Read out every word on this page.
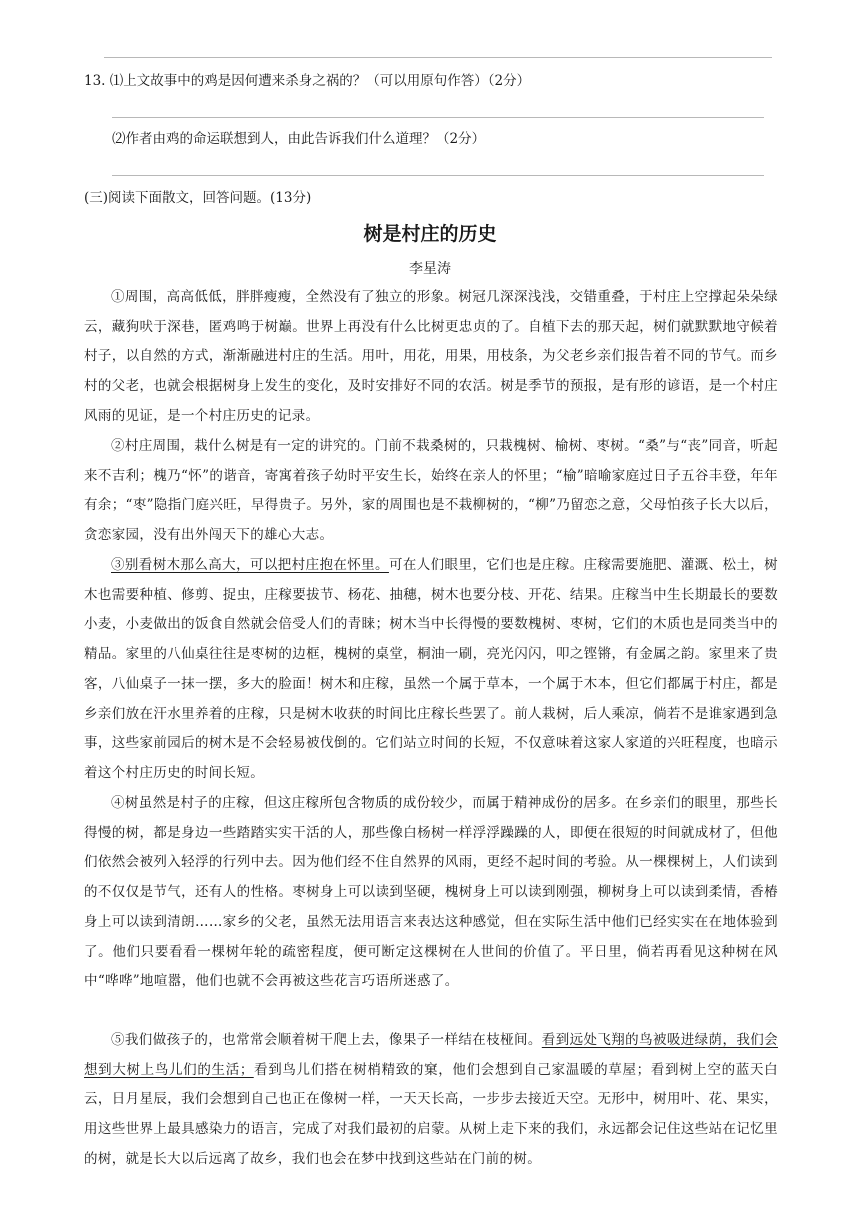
13. ⑴上文故事中的鸡是因何遭来杀身之祸的？（可以用原句作答）（2分）
⑵作者由鸡的命运联想到人，由此告诉我们什么道理？（2分）
(三)阅读下面散文，回答问题。(13分)
树是村庄的历史
李星涛

①周围，高高低低，胖胖瘦瘦，全然没有了独立的形象。树冠几深深浅浅，交错重叠，于村庄上空撑起朵朵绿云，藏狗吠于深巷，匿鸡鸣于树巅。世界上再没有什么比树更忠贞的了。自植下去的那天起，树们就默默地守候着村子，以自然的方式，渐渐融进村庄的生活。用叶，用花，用果，用枝条，为父老乡亲们报告着不同的节气。而乡村的父老，也就会根据树身上发生的变化，及时安排好不同的农活。树是季节的预报，是有形的谚语，是一个村庄风雨的见证，是一个村庄历史的记录。

②村庄周围，栽什么树是有一定的讲究的。门前不栽桑树的，只栽槐树、榆树、枣树。“桑”与“丧”同音，听起来不吉利；槐乃“怀”的谐音，寄寓着孩子幼时平安生长，始终在亲人的怀里；“榆”暗喻家庭过日子五谷丰登，年年有余；“枣”隐指门庭兴旺，早得贵子。另外，家的周围也是不栽柳树的，“柳”乃留恋之意，父母怕孩子长大以后，贪恋家园，没有出外闯天下的雄心大志。

③别看树木那么高大，可以把村庄抱在怀里。可在人们眼里，它们也是庄稼。庄稼需要施肥、灌溉、松土，树木也需要种植、修剪、捉虫，庄稼要拔节、杨花、抽穗，树木也要分枝、开花、结果。庄稼当中生长期最长的要数小麦，小麦做出的饭食自然就会倍受人们的青睐；树木当中长得慢的要数槐树、枣树，它们的木质也是同类当中的精品。家里的八仙桌往往是枣树的边框，槐树的桌堂，桐油一刷，亮光闪闪，叩之铿锵，有金属之韵。家里来了贵客，八仙桌子一抹一摆，多大的脸面！树木和庄稼，虽然一个属于草本，一个属于木本，但它们都属于村庄，都是乡亲们放在汗水里养着的庄稼，只是树木收获的时间比庄稼长些罢了。前人栽树，后人乘凉，倘若不是谁家遇到急事，这些家前园后的树木是不会轻易被伐倒的。它们站立时间的长短，不仅意味着这家人家道的兴旺程度，也暗示着这个村庄历史的时间长短。

④树虽然是村子的庄稼，但这庄稼所包含物质的成份较少，而属于精神成份的居多。在乡亲们的眼里，那些长得慢的树，都是身边一些踏踏实实干活的人，那些像白杨树一样浮浮躁躁的人，即便在很短的时间就成材了，但他们依然会被列入轻浮的行列中去。因为他们经不住自然界的风雨，更经不起时间的考验。从一棵棵树上，人们读到的不仅仅是节气，还有人的性格。枣树身上可以读到坚硬，槐树身上可以读到刚强，柳树身上可以读到柔情，香椿身上可以读到清朗……家乡的父老，虽然无法用语言来表达这种感觉，但在实际生活中他们已经实实在在地体验到了。他们只要看看一棵树年轮的疏密程度，便可断定这棵树在人世间的价值了。平日里，倘若再看见这种树在风中“哗哗”地喧嚣，他们也就不会再被这些花言巧语所迷惑了。

⑤我们做孩子的，也常常会顺着树干爬上去，像果子一样结在枝桠间。看到远处飞翔的鸟被吸进绿荫，我们会想到大树上鸟儿们的生活；看到鸟儿们搭在树梢精致的窠，他们会想到自己家温暖的草屋；看到树上空的蓝天白云，日月星辰，我们会想到自己也正在像树一样，一天天长高，一步步去接近天空。无形中，树用叶、花、果实，用这些世界上最具感染力的语言，完成了对我们最初的启蒙。从树上走下来的我们，永远都会记住这些站在记忆里的树，就是长大以后远离了故乡，我们也会在梦中找到这些站在门前的树。
